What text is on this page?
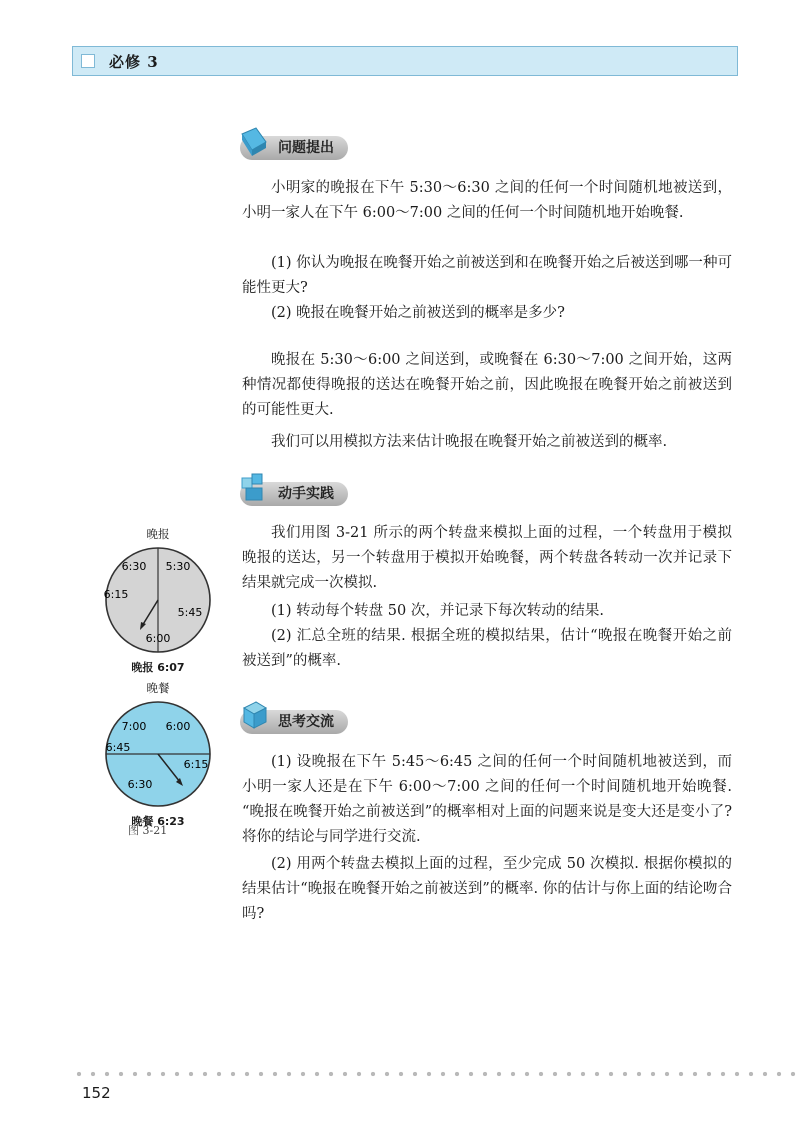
必修 3
问题提出

小明家的晚报在下午 5:30～6:30 之间的任何一个时间随机地被送到，小明一家人在下午 6:00～7:00 之间的任何一个时间随机地开始晚餐.

(1) 你认为晚报在晚餐开始之前被送到和在晚餐开始之后被送到哪一种可能性更大?

(2) 晚报在晚餐开始之前被送到的概率是多少?

晚报在 5:30～6:00 之间送到，或晚餐在 6:30～7:00 之间开始，这两种情况都使得晚报的送达在晚餐开始之前，因此晚报在晚餐开始之前被送到的可能性更大.

我们可以用模拟方法来估计晚报在晚餐开始之前被送到的概率.

动手实践

我们用图 3-21 所示的两个转盘来模拟上面的过程，一个转盘用于模拟晚报的送达，另一个转盘用于模拟开始晚餐，两个转盘各转动一次并记录下结果就完成一次模拟.

(1) 转动每个转盘 50 次，并记录下每次转动的结果.

(2) 汇总全班的结果. 根据全班的模拟结果，估计“晚报在晚餐开始之前被送到”的概率.

思考交流

(1) 设晚报在下午 5:45～6:45 之间的任何一个时间随机地被送到，而小明一家人还是在下午 6:00～7:00 之间的任何一个时间随机地开始晚餐. “晚报在晚餐开始之前被送到”的概率相对上面的问题来说是变大还是变小了? 将你的结论与同学进行交流.

(2) 用两个转盘去模拟上面的过程，至少完成 50 次模拟. 根据你模拟的结果估计“晚报在晚餐开始之前被送到”的概率. 你的估计与你上面的结论吻合吗?

晚报
6:30 5:30
6:15
5:45
6:00
晚报 6:07
晚餐
7:00 6:00
6:45
6:15
6:30
晚餐 6:23
图 3-21
152
